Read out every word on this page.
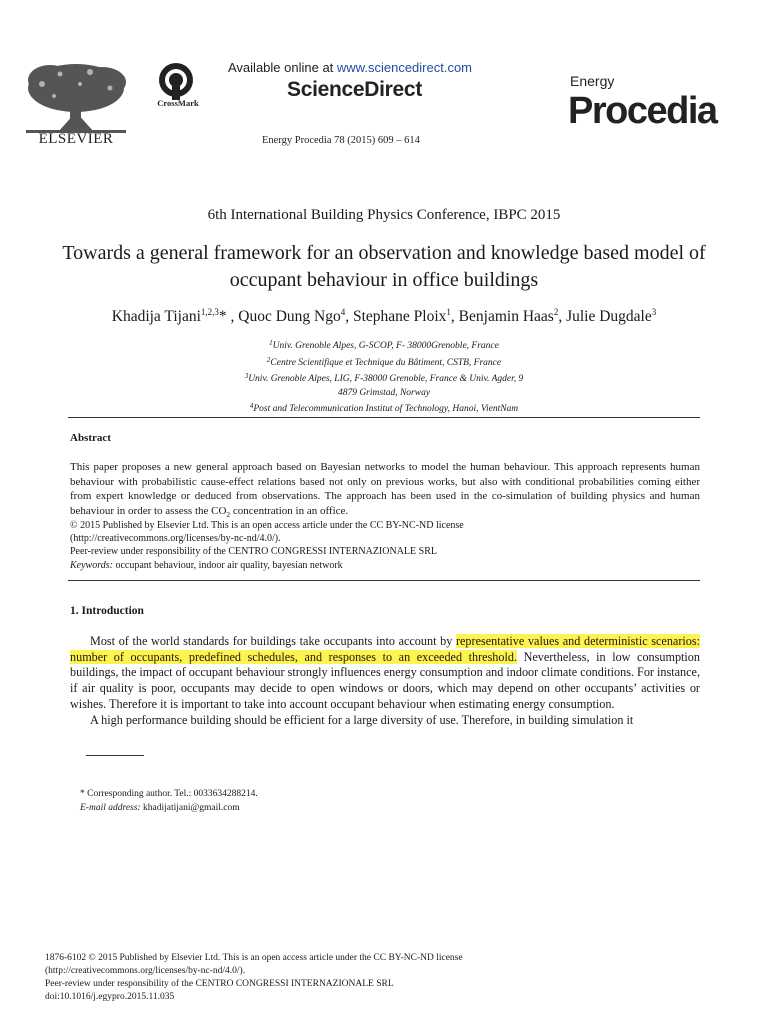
ELSEVIER
CrossMark
Available online at www.sciencedirect.com
ScienceDirect
Energy Procedia 78 (2015) 609 – 614
Energy
Procedia
6th International Building Physics Conference, IBPC 2015
Towards a general framework for an observation and knowledge based model of occupant behaviour in office buildings
Khadija Tijani$^{1,2,3}$* , Quoc Dung Ngo$^4$, Stephane Ploix$^1$, Benjamin Haas$^2$, Julie Dugdale$^3$
$^1$Univ. Grenoble Alpes, G-SCOP, F- 38000Grenoble, France
$^2$Centre Scientifique et Technique du Bâtiment, CSTB, France
$^3$Univ. Grenoble Alpes, LIG, F-38000 Grenoble, France & Univ. Agder, 9
4879 Grimstad, Norway
$^4$Post and Telecommunication Institut of Technology, Hanoi, VientNam
Abstract
This paper proposes a new general approach based on Bayesian networks to model the human behaviour. This approach represents human behaviour with probabilistic cause-effect relations based not only on previous works, but also with conditional probabilities coming either from expert knowledge or deduced from observations. The approach has been used in the co-simulation of building physics and human behaviour in order to assess the $CO_2$ concentration in an office.

© 2015 Published by Elsevier Ltd. This is an open access article under the CC BY-NC-ND license

(http://creativecommons.org/licenses/by-nc-nd/4.0/).

Peer-review under responsibility of the CENTRO CONGRESSI INTERNAZIONALE SRL

Keywords: occupant behaviour, indoor air quality, bayesian network

1. Introduction

Most of the world standards for buildings take occupants into account by representative values and deterministic scenarios: number of occupants, predefined schedules, and responses to an exceeded threshold. Nevertheless, in low consumption buildings, the impact of occupant behaviour strongly influences energy consumption and indoor climate conditions. For instance, if air quality is poor, occupants may decide to open windows or doors, which may depend on other occupants’ activities or wishes. Therefore it is important to take into account occupant behaviour when estimating energy consumption.

A high performance building should be efficient for a large diversity of use. Therefore, in building simulation it

* Corresponding author. Tel.: 0033634288214.
E-mail address: khadijatijani@gmail.com
1876-6102 © 2015 Published by Elsevier Ltd. This is an open access article under the CC BY-NC-ND license
(http://creativecommons.org/licenses/by-nc-nd/4.0/).
Peer-review under responsibility of the CENTRO CONGRESSI INTERNAZIONALE SRL
doi:10.1016/j.egypro.2015.11.035
